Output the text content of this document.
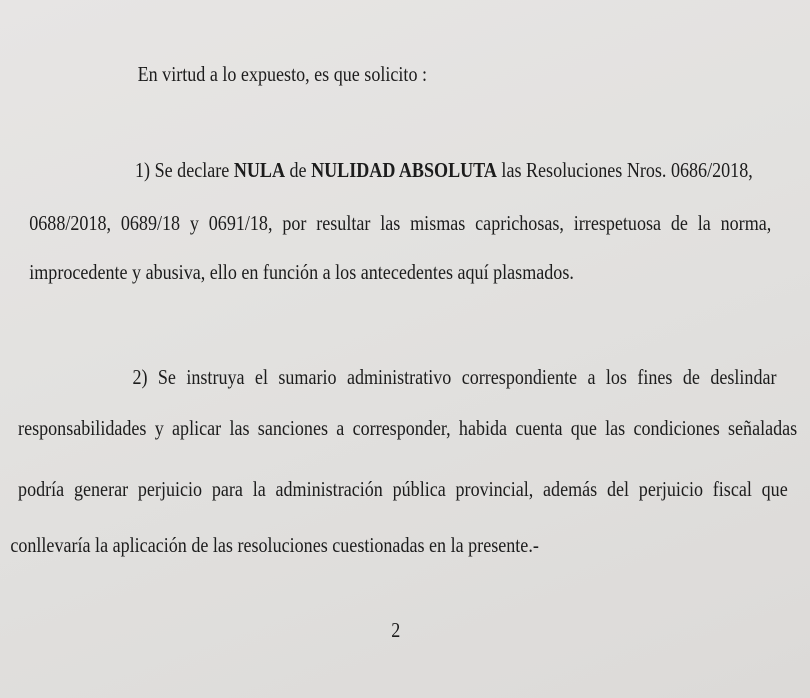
En virtud a lo expuesto, es que solicito :
1) Se declare NULA de NULIDAD ABSOLUTA las Resoluciones Nros. 0686/2018,
0688/2018, 0689/18 y 0691/18, por resultar las mismas caprichosas, irrespetuosa de la norma,
improcedente y abusiva, ello en función a los antecedentes aquí plasmados.
2) Se instruya el sumario administrativo correspondiente a los fines de deslindar
responsabilidades y aplicar las sanciones a corresponder, habida cuenta que las condiciones señaladas
podría generar perjuicio para la administración pública provincial, además del perjuicio fiscal que
conllevaría la aplicación de las resoluciones cuestionadas en la presente.-
2
